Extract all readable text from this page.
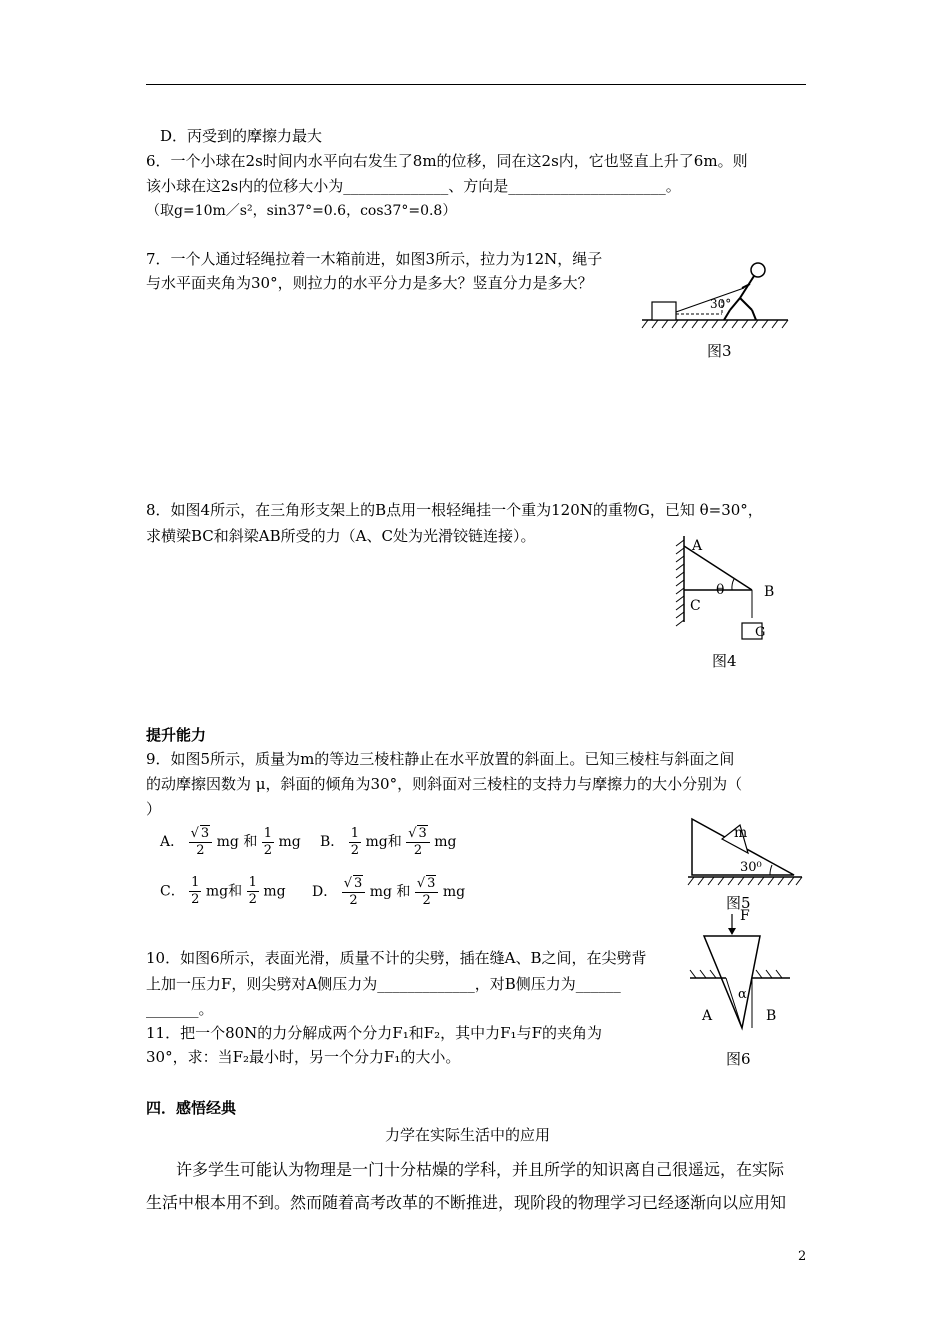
D．丙受到的摩擦力最大
6．一个小球在2s时间内水平向右发生了8m的位移，同在这2s内，它也竖直上升了6m。则
该小球在这2s内的位移大小为______________、方向是_____________________。
（取g=10m／s²，sin37°=0.6，cos37°=0.8）
7．一个人通过轻绳拉着一木箱前进，如图3所示，拉力为12N，绳子
与水平面夹角为30°，则拉力的水平分力是多大？竖直分力是多大？
30°
图3
8．如图4所示，在三角形支架上的B点用一根轻绳挂一个重为120N的重物G，已知 θ=30°，
求横梁BC和斜梁AB所受的力（A、C处为光滑铰链连接）。
A
B
C
θ
G
图4
提升能力
9．如图5所示，质量为m的等边三棱柱静止在水平放置的斜面上。已知三棱柱与斜面之间
的动摩擦因数为 μ，斜面的倾角为30°，则斜面对三棱柱的支持力与摩擦力的大小分别为（
）
A． $\frac{√ 3}{2}$ mg 和 $\frac{1}{2}$ mg B． $\frac{1}{2}$ mg和 $\frac{√ 3}{2}$ mg
C． $\frac{1}{2}$ mg和 $\frac{1}{2}$ mg D． $\frac{√ 3}{2}$ mg 和 $\frac{√ 3}{2}$ mg
m
30⁰
图5
F
α
A	B
图6
10．如图6所示，表面光滑，质量不计的尖劈，插在缝A、B之间，在尖劈背
上加一压力F，则尖劈对A侧压力为_____________，对B侧压力为______
_______。
11．把一个80N的力分解成两个分力F₁和F₂，其中力F₁与F的夹角为
30°，求：当F₂最小时，另一个分力F₁的大小。
四．感悟经典
力学在实际生活中的应用
许多学生可能认为物理是一门十分枯燥的学科，并且所学的知识离自己很遥远，在实际
生活中根本用不到。然而随着高考改革的不断推进，现阶段的物理学习已经逐渐向以应用知
2
